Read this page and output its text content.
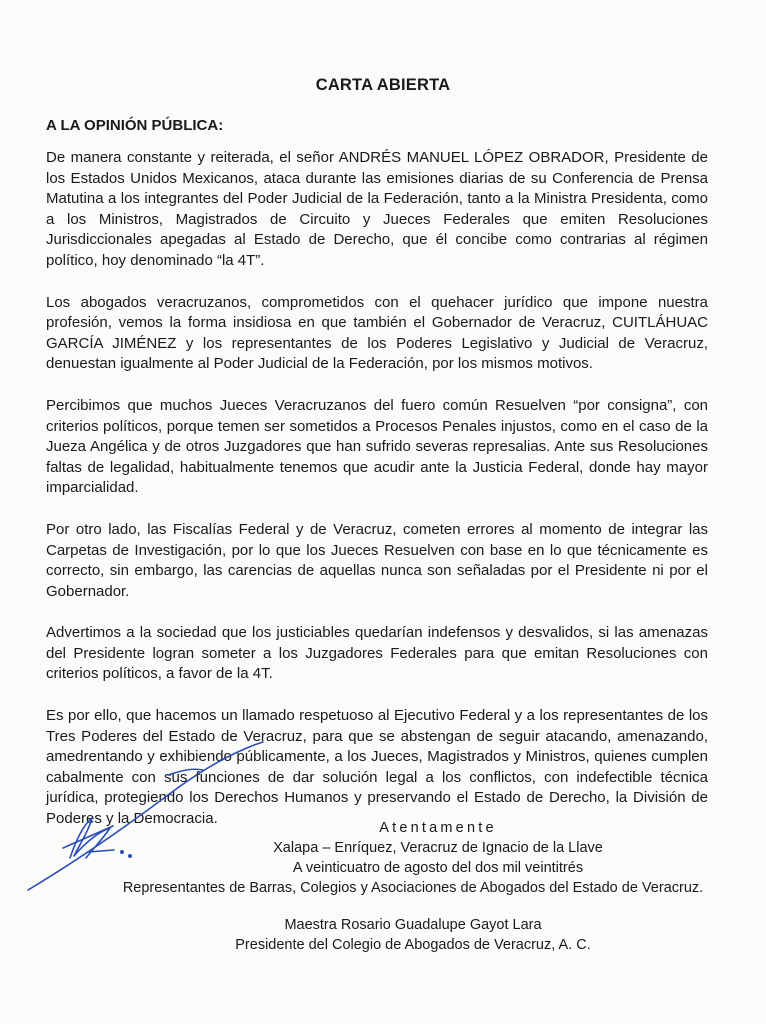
CARTA ABIERTA
A LA OPINIÓN PÚBLICA:

De manera constante y reiterada, el señor ANDRÉS MANUEL LÓPEZ OBRADOR, Presidente de los Estados Unidos Mexicanos, ataca durante las emisiones diarias de su Conferencia de Prensa Matutina a los integrantes del Poder Judicial de la Federación, tanto a la Ministra Presidenta, como a los Ministros, Magistrados de Circuito y Jueces Federales que emiten Resoluciones Jurisdiccionales apegadas al Estado de Derecho, que él concibe como contrarias al régimen político, hoy denominado “la 4T”.

Los abogados veracruzanos, comprometidos con el quehacer jurídico que impone nuestra profesión, vemos la forma insidiosa en que también el Gobernador de Veracruz, CUITLÁHUAC GARCÍA JIMÉNEZ y los representantes de los Poderes Legislativo y Judicial de Veracruz, denuestan igualmente al Poder Judicial de la Federación, por los mismos motivos.

Percibimos que muchos Jueces Veracruzanos del fuero común Resuelven “por consigna”, con criterios políticos, porque temen ser sometidos a Procesos Penales injustos, como en el caso de la Jueza Angélica y de otros Juzgadores que han sufrido severas represalias. Ante sus Resoluciones faltas de legalidad, habitualmente tenemos que acudir ante la Justicia Federal, donde hay mayor imparcialidad.

Por otro lado, las Fiscalías Federal y de Veracruz, cometen errores al momento de integrar las Carpetas de Investigación, por lo que los Jueces Resuelven con base en lo que técnicamente es correcto, sin embargo, las carencias de aquellas nunca son señaladas por el Presidente ni por el Gobernador.

Advertimos a la sociedad que los justiciables quedarían indefensos y desvalidos, si las amenazas del Presidente logran someter a los Juzgadores Federales para que emitan Resoluciones con criterios políticos, a favor de la 4T.

Es por ello, que hacemos un llamado respetuoso al Ejecutivo Federal y a los representantes de los Tres Poderes del Estado de Veracruz, para que se abstengan de seguir atacando, amenazando, amedrentando y exhibiendo públicamente, a los Jueces, Magistrados y Ministros, quienes cumplen cabalmente con sus funciones de dar solución legal a los conflictos, con indefectible técnica jurídica, protegiendo los Derechos Humanos y preservando el Estado de Derecho, la División de Poderes y la Democracia.

Atentamente
Xalapa – Enríquez, Veracruz de Ignacio de la Llave
A veinticuatro de agosto del dos mil veintitrés
Representantes de Barras, Colegios y Asociaciones de Abogados del Estado de Veracruz.
Maestra Rosario Guadalupe Gayot Lara
Presidente del Colegio de Abogados de Veracruz, A. C.
